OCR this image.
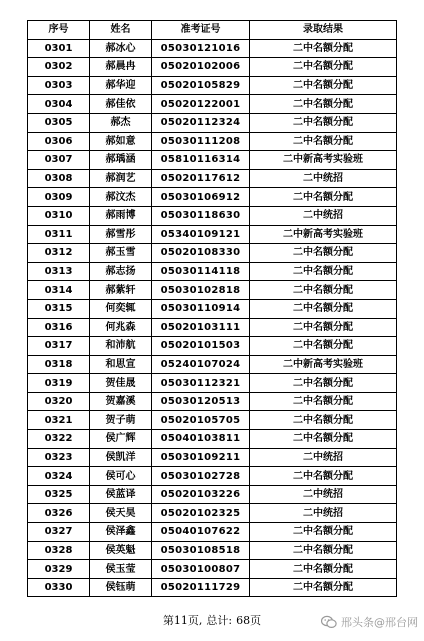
序号	姓名	准考证号	录取结果
0301	郝冰心	05030121016	二中名额分配
0302	郝晨冉	05020102006	二中名额分配
0303	郝华迎	05020105829	二中名额分配
0304	郝佳依	05020122001	二中名额分配
0305	郝杰	05020112324	二中名额分配
0306	郝如意	05030111208	二中名额分配
0307	郝瑀涵	05810116314	二中新高考实验班
0308	郝润艺	05020117612	二中统招
0309	郝汶杰	05030106912	二中名额分配
0310	郝雨博	05030118630	二中统招
0311	郝雪彤	05340109121	二中新高考实验班
0312	郝玉雪	05020108330	二中名额分配
0313	郝志扬	05030114118	二中名额分配
0314	郝紫轩	05030102818	二中名额分配
0315	何奕辄	05030110914	二中名额分配
0316	何兆森	05020103111	二中名额分配
0317	和沛航	05020101503	二中名额分配
0318	和思宣	05240107024	二中新高考实验班
0319	贺佳晟	05030112321	二中名额分配
0320	贺嘉溪	05030120513	二中名额分配
0321	贺子萌	05020105705	二中名额分配
0322	侯广辉	05040103811	二中名额分配
0323	侯凯洋	05030109211	二中统招
0324	侯可心	05030102728	二中名额分配
0325	侯蓝译	05020103226	二中统招
0326	侯天昊	05020102325	二中统招
0327	侯泽鑫	05040107622	二中名额分配
0328	侯英魁	05030108518	二中名额分配
0329	侯玉莹	05030100807	二中名额分配
0330	侯钰萌	05020111729	二中名额分配
第11页, 总计: 68页	邢头条@邢台网
